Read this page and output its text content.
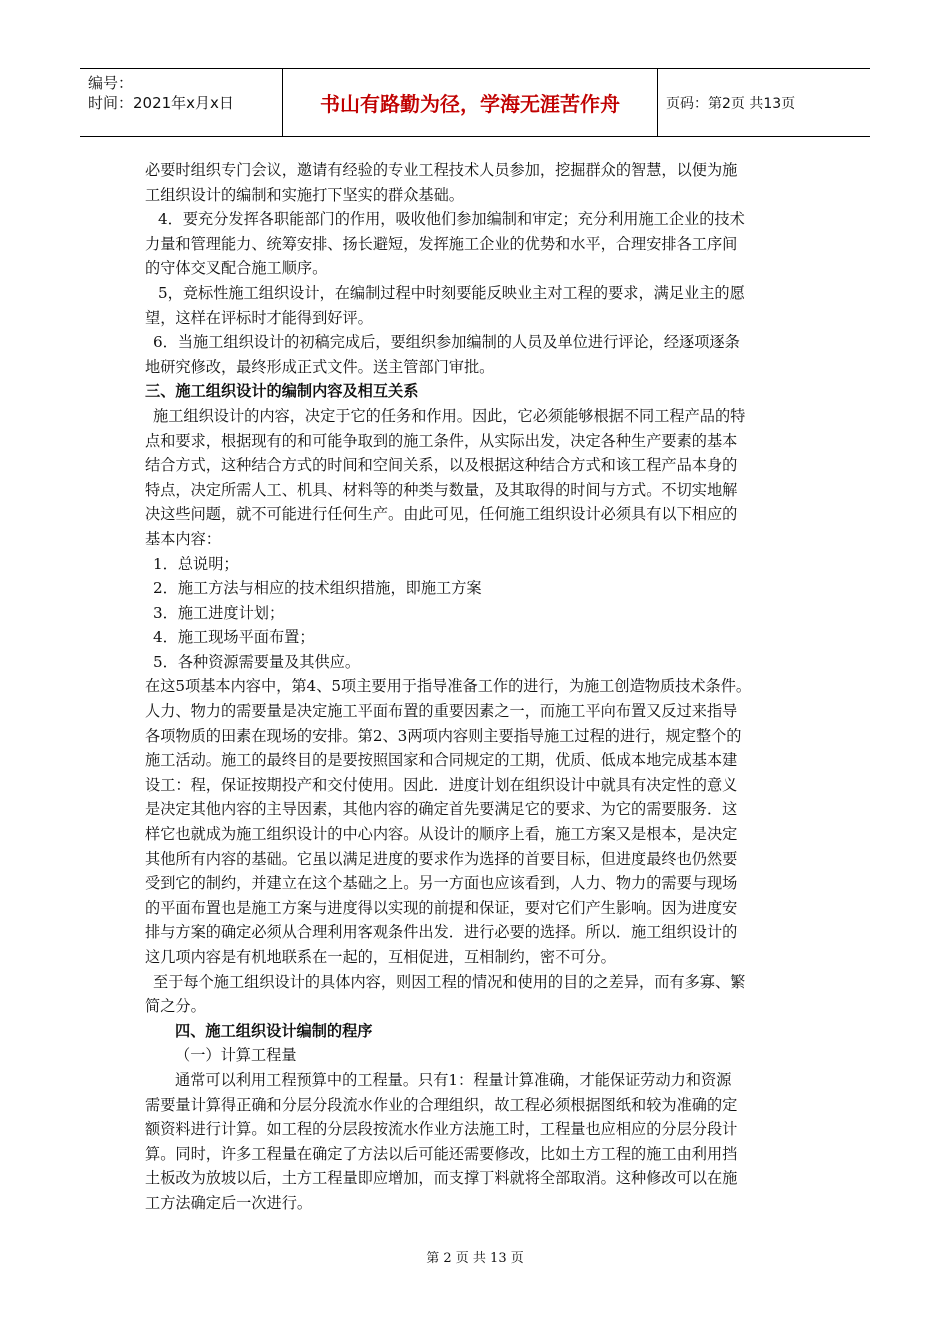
编号：
时间：2021年x月x日	书山有路勤为径，学海无涯苦作舟	页码：第2页 共13页
必要时组织专门会议，邀请有经验的专业工程技术人员参加，挖掘群众的智慧，以便为施
工组织设计的编制和实施打下坚实的群众基础。
4．要充分发挥各职能部门的作用，吸收他们参加编制和审定；充分利用施工企业的技术
力量和管理能力、统筹安排、扬长避短，发挥施工企业的优势和水平，合理安排各工序间
的守体交叉配合施工顺序。
5，竞标性施工组织设计，在编制过程中时刻要能反映业主对工程的要求，满足业主的愿
望，这样在评标时才能得到好评。
6．当施工组织设计的初稿完成后，要组织参加编制的人员及单位进行评论，经逐项逐条
地研究修改，最终形成正式文件。送主管部门审批。
三、施工组织设计的编制内容及相互关系
施工组织设计的内容，决定于它的任务和作用。因此，它必须能够根据不同工程产品的特
点和要求，根据现有的和可能争取到的施工条件，从实际出发，决定各种生产要素的基本
结合方式，这种结合方式的时间和空间关系，以及根据这种结合方式和该工程产品本身的
特点，决定所需人工、机具、材料等的种类与数量，及其取得的时间与方式。不切实地解
决这些问题，就不可能进行任何生产。由此可见，任何施工组织设计必须具有以下相应的
基本内容：
1．总说明；
2．施工方法与相应的技术组织措施，即施工方案
3．施工进度计划；
4．施工现场平面布置；
5．各种资源需要量及其供应。
在这5项基本内容中，第4、5项主要用于指导准备工作的进行，为施工创造物质技术条件。
人力、物力的需要量是决定施工平面布置的重要因素之一，而施工平向布置又反过来指导
各项物质的田素在现场的安排。第2、3两项内容则主要指导施工过程的进行，规定整个的
施工活动。施工的最终目的是要按照国家和合同规定的工期，优质、低成本地完成基本建
设工：程，保证按期投产和交付使用。因此．进度计划在组织设计中就具有决定性的意义
是决定其他内容的主导因素，其他内容的确定首先要满足它的要求、为它的需要服务．这
样它也就成为施工组织设计的中心内容。从设计的顺序上看，施工方案又是根本，是决定
其他所有内容的基础。它虽以满足进度的要求作为选择的首要目标，但进度最终也仍然要
受到它的制约，并建立在这个基础之上。另一方面也应该看到，人力、物力的需要与现场
的平面布置也是施工方案与进度得以实现的前提和保证，要对它们产生影响。因为进度安
排与方案的确定必须从合理利用客观条件出发．进行必要的选择。所以．施工组织设计的
这几项内容是有机地联系在一起的，互相促进，互相制约，密不可分。
至于每个施工组织设计的具体内容，则因工程的情况和使用的目的之差异，而有多寡、繁
简之分。
四、施工组织设计编制的程序
（一）计算工程量
通常可以利用工程预算中的工程量。只有1：程量计算准确，才能保证劳动力和资源
需要量计算得正确和分层分段流水作业的合理组织，故工程必须根据图纸和较为准确的定
额资料进行计算。如工程的分层段按流水作业方法施工时，工程量也应相应的分层分段计
算。同时，许多工程量在确定了方法以后可能还需要修改，比如土方工程的施工由利用挡
土板改为放坡以后，土方工程量即应增加，而支撑丁料就将全部取消。这种修改可以在施
工方法确定后一次进行。
第 2 页 共 13 页
